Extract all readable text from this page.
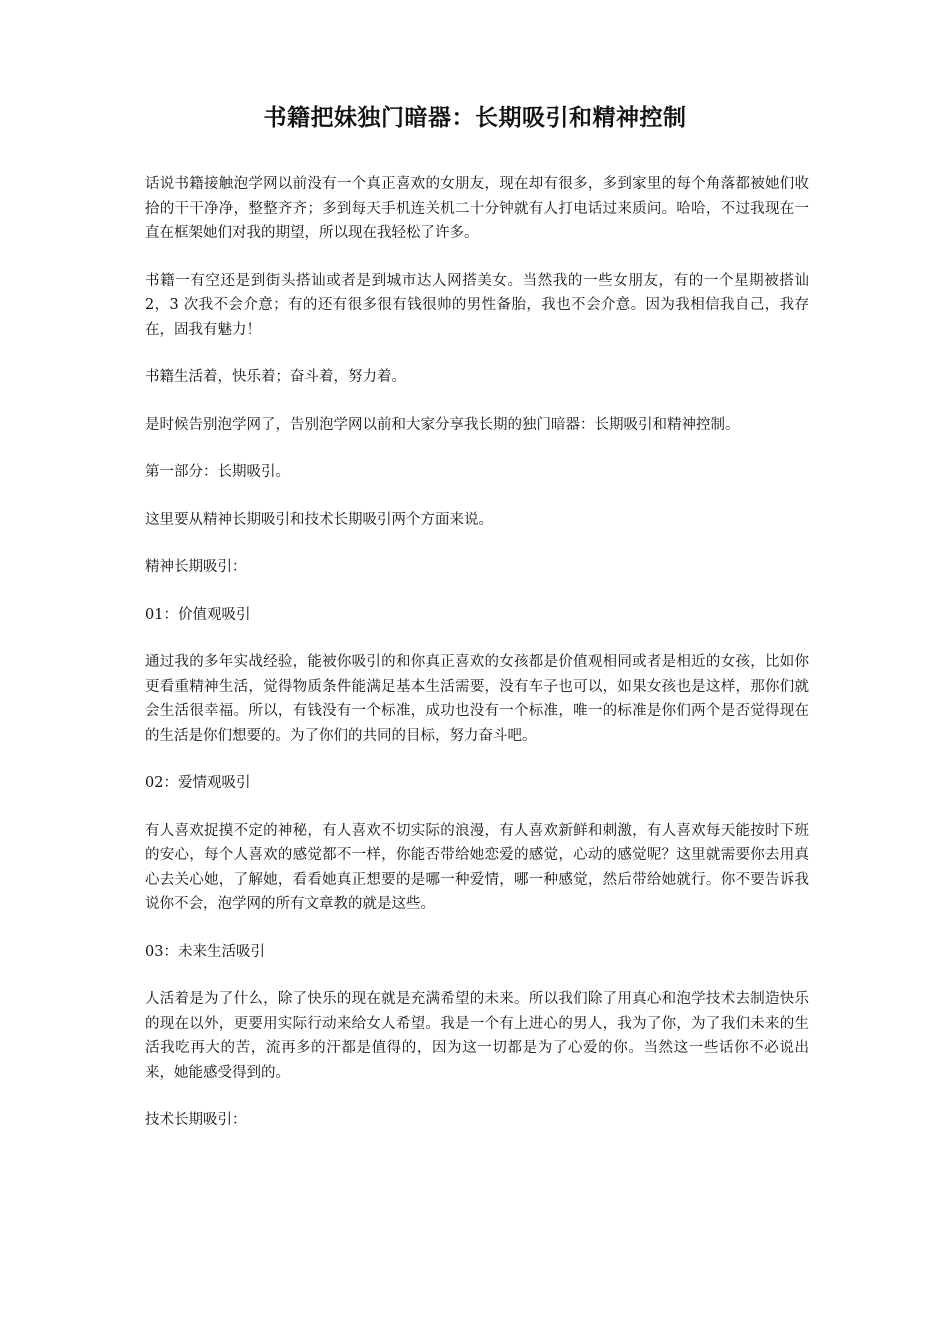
书籍把妹独门暗器：长期吸引和精神控制

话说书籍接触泡学网以前没有一个真正喜欢的女朋友，现在却有很多，多到家里的每个角落都被她们收拾的干干净净，整整齐齐；多到每天手机连关机二十分钟就有人打电话过来质问。哈哈，不过我现在一直在框架她们对我的期望，所以现在我轻松了许多。

书籍一有空还是到街头搭讪或者是到城市达人网搭美女。当然我的一些女朋友，有的一个星期被搭讪 2，3 次我不会介意；有的还有很多很有钱很帅的男性备胎，我也不会介意。因为我相信我自己，我存在，固我有魅力！

书籍生活着，快乐着；奋斗着，努力着。

是时候告别泡学网了，告别泡学网以前和大家分享我长期的独门暗器：长期吸引和精神控制。

第一部分：长期吸引。

这里要从精神长期吸引和技术长期吸引两个方面来说。

精神长期吸引：

01：价值观吸引

通过我的多年实战经验，能被你吸引的和你真正喜欢的女孩都是价值观相同或者是相近的女孩，比如你更看重精神生活，觉得物质条件能满足基本生活需要，没有车子也可以，如果女孩也是这样，那你们就会生活很幸福。所以，有钱没有一个标准，成功也没有一个标准，唯一的标准是你们两个是否觉得现在的生活是你们想要的。为了你们的共同的目标，努力奋斗吧。

02：爱情观吸引

有人喜欢捉摸不定的神秘，有人喜欢不切实际的浪漫，有人喜欢新鲜和刺激，有人喜欢每天能按时下班的安心，每个人喜欢的感觉都不一样，你能否带给她恋爱的感觉，心动的感觉呢？这里就需要你去用真心去关心她，了解她，看看她真正想要的是哪一种爱情，哪一种感觉，然后带给她就行。你不要告诉我说你不会，泡学网的所有文章教的就是这些。

03：未来生活吸引

人活着是为了什么，除了快乐的现在就是充满希望的未来。所以我们除了用真心和泡学技术去制造快乐的现在以外，更要用实际行动来给女人希望。我是一个有上进心的男人，我为了你，为了我们未来的生活我吃再大的苦，流再多的汗都是值得的，因为这一切都是为了心爱的你。当然这一些话你不必说出来，她能感受得到的。

技术长期吸引：
